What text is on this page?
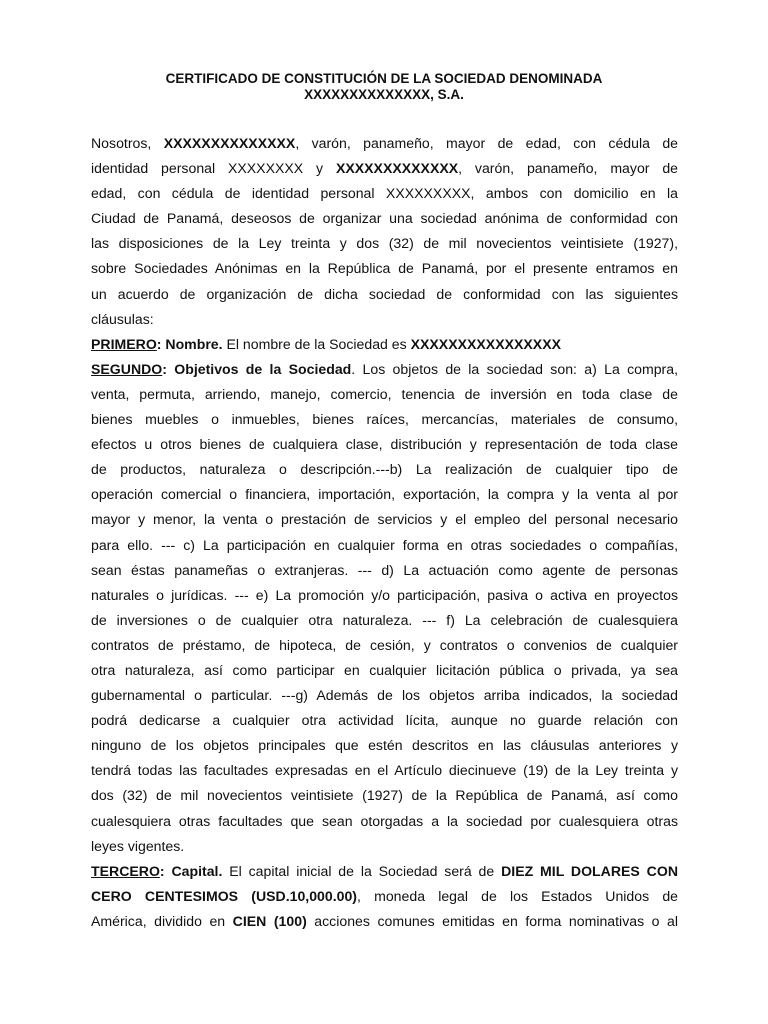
CERTIFICADO DE CONSTITUCIÓN DE LA SOCIEDAD DENOMINADA
XXXXXXXXXXXXXX, S.A.
Nosotros, XXXXXXXXXXXXXX, varón, panameño, mayor de edad, con cédula de
identidad personal XXXXXXXX y XXXXXXXXXXXXX, varón, panameño, mayor de
edad, con cédula de identidad personal XXXXXXXXX, ambos con domicilio en la
Ciudad de Panamá, deseosos de organizar una sociedad anónima de conformidad con
las disposiciones de la Ley treinta y dos (32) de mil novecientos veintisiete (1927),
sobre Sociedades Anónimas en la República de Panamá, por el presente entramos en
un acuerdo de organización de dicha sociedad de conformidad con las siguientes
cláusulas:
PRIMERO: Nombre. El nombre de la Sociedad es XXXXXXXXXXXXXXXX
SEGUNDO: Objetivos de la Sociedad. Los objetos de la sociedad son: a) La compra,
venta, permuta, arriendo, manejo, comercio, tenencia de inversión en toda clase de
bienes muebles o inmuebles, bienes raíces, mercancías, materiales de consumo,
efectos u otros bienes de cualquiera clase, distribución y representación de toda clase
de productos, naturaleza o descripción.---b) La realización de cualquier tipo de
operación comercial o financiera, importación, exportación, la compra y la venta al por
mayor y menor, la venta o prestación de servicios y el empleo del personal necesario
para ello. --- c) La participación en cualquier forma en otras sociedades o compañías,
sean éstas panameñas o extranjeras. --- d) La actuación como agente de personas
naturales o jurídicas. --- e) La promoción y/o participación, pasiva o activa en proyectos
de inversiones o de cualquier otra naturaleza. --- f) La celebración de cualesquiera
contratos de préstamo, de hipoteca, de cesión, y contratos o convenios de cualquier
otra naturaleza, así como participar en cualquier licitación pública o privada, ya sea
gubernamental o particular. ---g) Además de los objetos arriba indicados, la sociedad
podrá dedicarse a cualquier otra actividad lícita, aunque no guarde relación con
ninguno de los objetos principales que estén descritos en las cláusulas anteriores y
tendrá todas las facultades expresadas en el Artículo diecinueve (19) de la Ley treinta y
dos (32) de mil novecientos veintisiete (1927) de la República de Panamá, así como
cualesquiera otras facultades que sean otorgadas a la sociedad por cualesquiera otras
leyes vigentes.
TERCERO: Capital. El capital inicial de la Sociedad será de DIEZ MIL DOLARES CON
CERO CENTESIMOS (USD.10,000.00), moneda legal de los Estados Unidos de
América, dividido en CIEN (100) acciones comunes emitidas en forma nominativas o al
